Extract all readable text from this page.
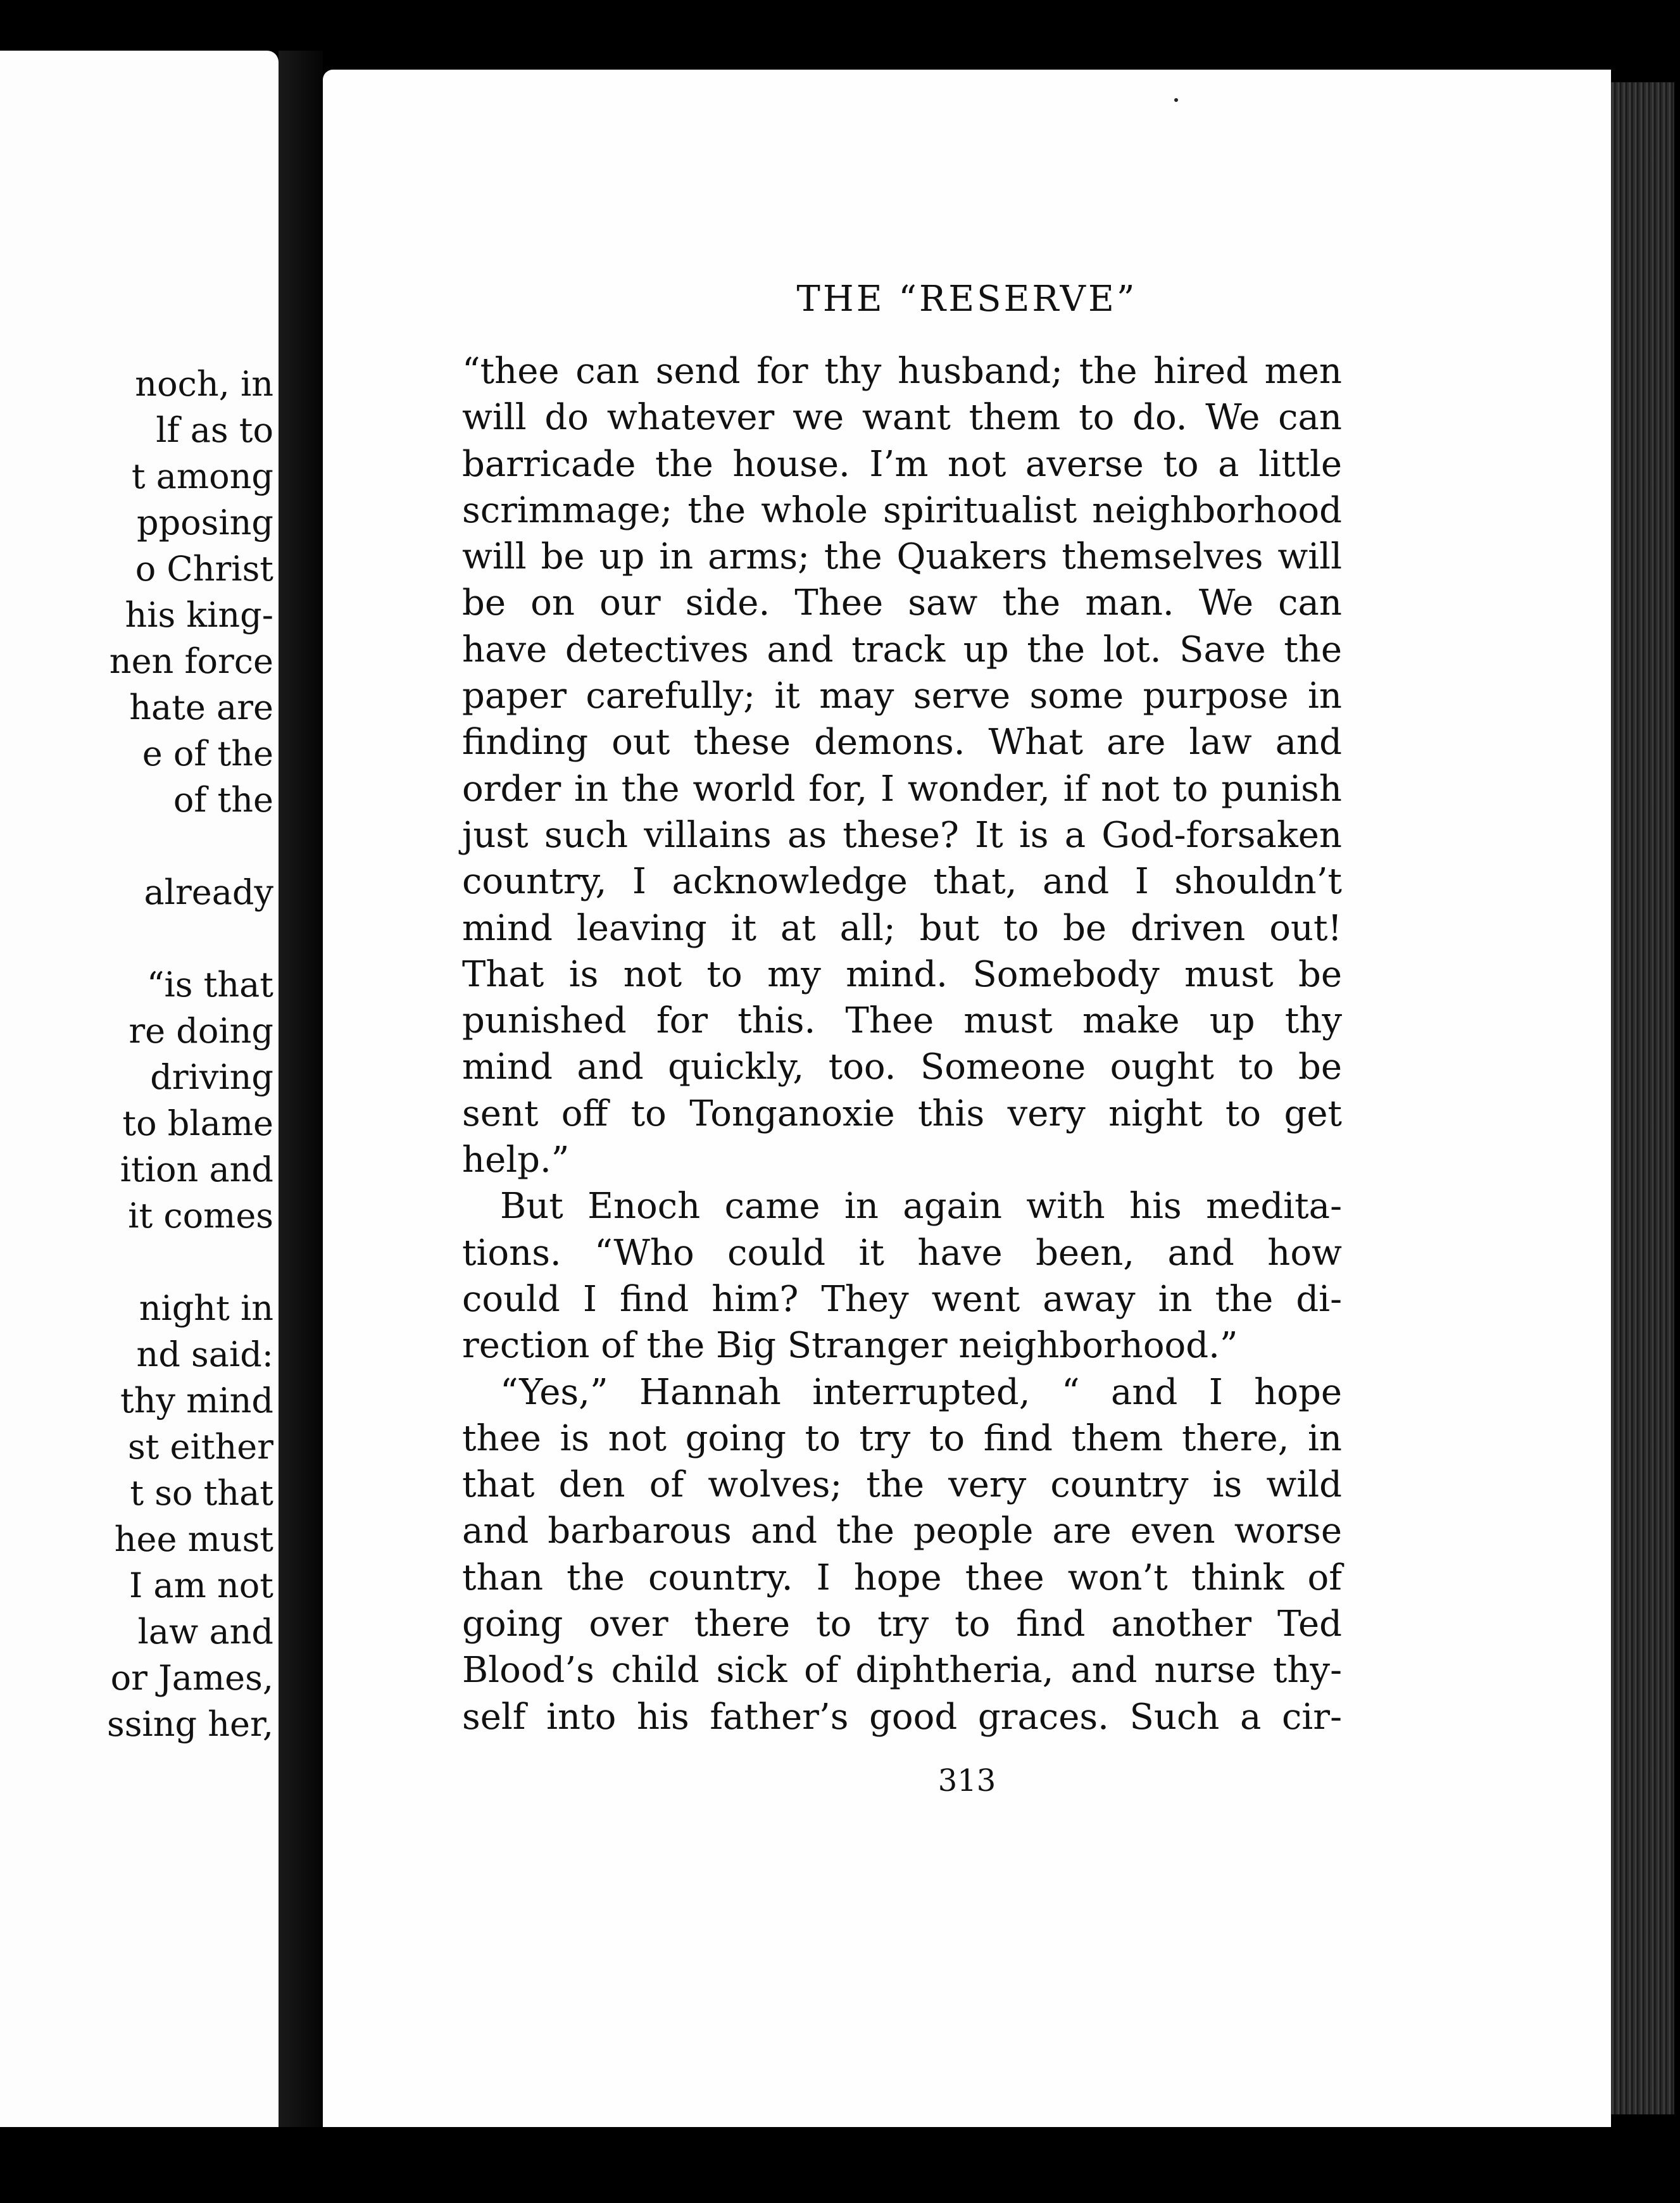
noch, in
lf as to
t among
pposing
o Christ
his king-
nen force
hate are
e of the
of the
already
“is that
re doing
driving
to blame
ition and
it comes
night in
nd said:
thy mind
st either
t so that
hee must
I am not
law and
or James,
ssing her,
THE “RESERVE”
“thee can send for thy husband; the hired men
will do whatever we want them to do. We can
barricade the house. I’m not averse to a little
scrimmage; the whole spiritualist neighborhood
will be up in arms; the Quakers themselves will
be on our side. Thee saw the man. We can
have detectives and track up the lot. Save the
paper carefully; it may serve some purpose in
finding out these demons. What are law and
order in the world for, I wonder, if not to punish
just such villains as these? It is a God-forsaken
country, I acknowledge that, and I shouldn’t
mind leaving it at all; but to be driven out!
That is not to my mind. Somebody must be
punished for this. Thee must make up thy
mind and quickly, too. Someone ought to be
sent off to Tonganoxie this very night to get
help.”
But Enoch came in again with his medita-
tions. “Who could it have been, and how
could I find him? They went away in the di-
rection of the Big Stranger neighborhood.”
“Yes,” Hannah interrupted, “ and I hope
thee is not going to try to find them there, in
that den of wolves; the very country is wild
and barbarous and the people are even worse
than the country. I hope thee won’t think of
going over there to try to find another Ted
Blood’s child sick of diphtheria, and nurse thy-
self into his father’s good graces. Such a cir-
313
